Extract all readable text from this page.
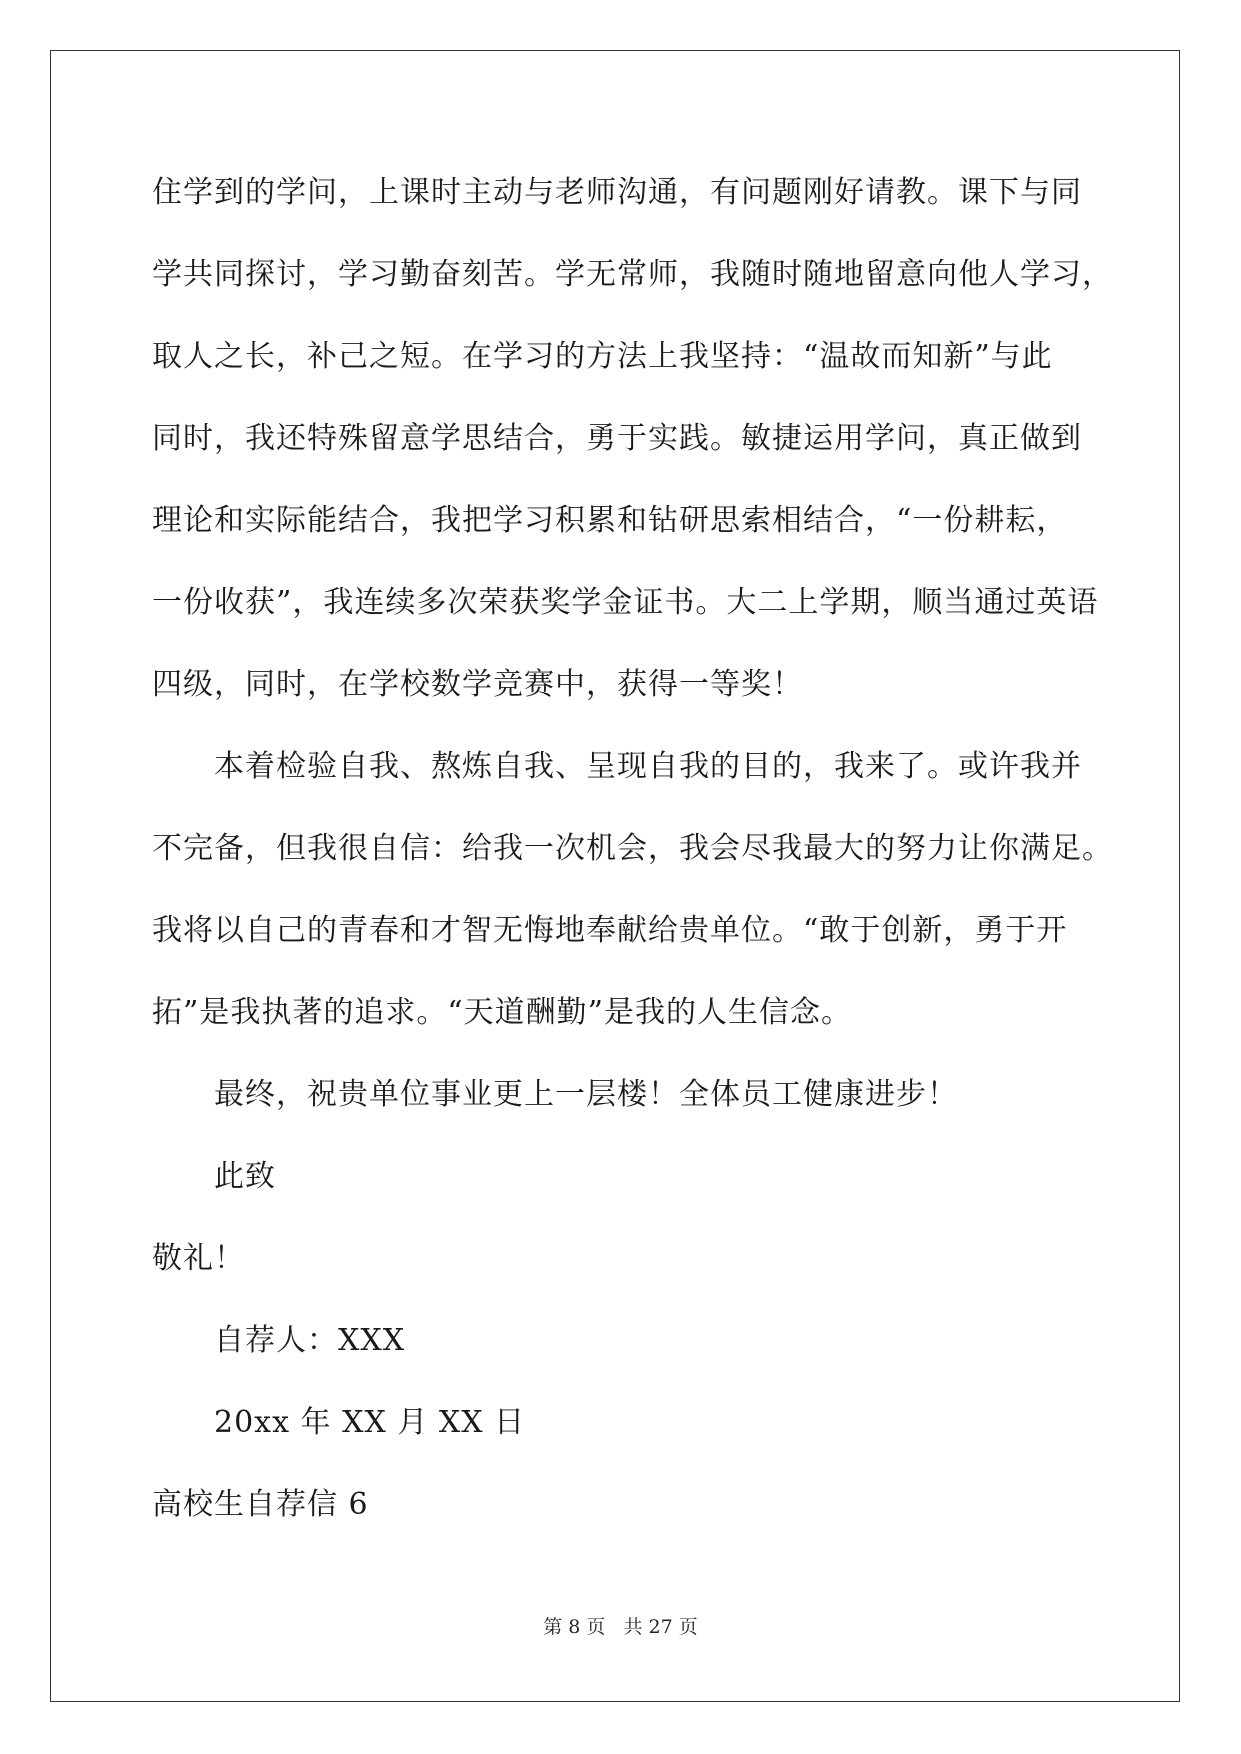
住学到的学问，上课时主动与老师沟通，有问题刚好请教。课下与同
学共同探讨，学习勤奋刻苦。学无常师，我随时随地留意向他人学习，
取人之长，补己之短。在学习的方法上我坚持：“温故而知新”与此
同时，我还特殊留意学思结合，勇于实践。敏捷运用学问，真正做到
理论和实际能结合，我把学习积累和钻研思索相结合，“一份耕耘，
一份收获”，我连续多次荣获奖学金证书。大二上学期，顺当通过英语
四级，同时，在学校数学竞赛中，获得一等奖！
本着检验自我、熬炼自我、呈现自我的目的，我来了。或许我并
不完备，但我很自信：给我一次机会，我会尽我最大的努力让你满足。
我将以自己的青春和才智无悔地奉献给贵单位。“敢于创新，勇于开
拓”是我执著的追求。“天道酬勤”是我的人生信念。
最终，祝贵单位事业更上一层楼！全体员工健康进步！
此致
敬礼！
自荐人：XXX
20xx 年 XX 月 XX 日
高校生自荐信 6
第 8 页 共 27 页
